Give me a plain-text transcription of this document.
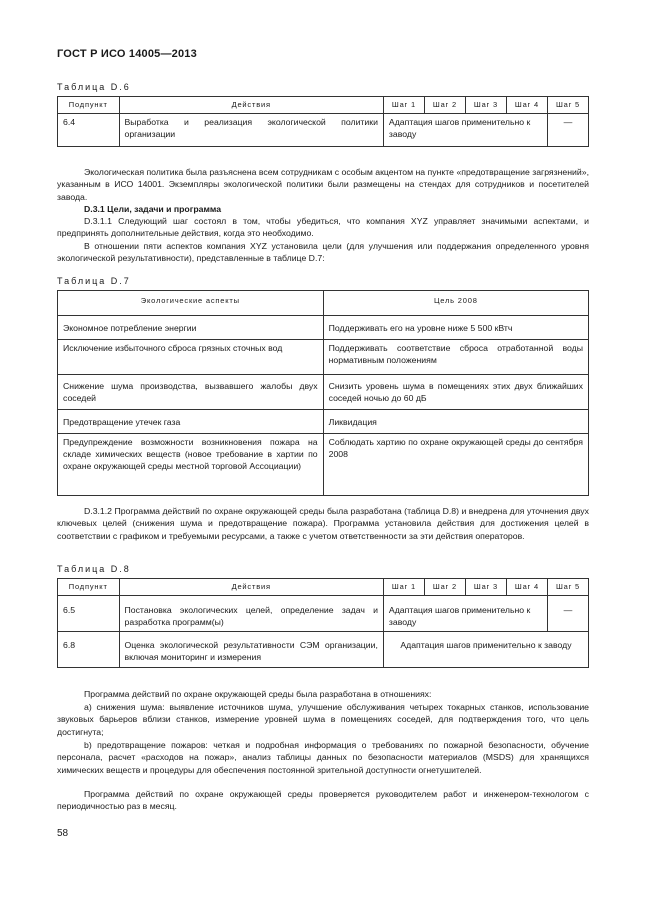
ГОСТ Р ИСО 14005—2013
Таблица D.6
Подпункт	Действия	Шаг 1	Шаг 2	Шаг 3	Шаг 4	Шаг 5
6.4	Выработка и реализация экологической политики организации	Адаптация шагов применительно к заводу				—
Экологическая политика была разъяснена всем сотрудникам с особым акцентом на пункте «предотвращение загрязнений», указанным в ИСО 14001. Экземпляры экологической политики были размещены на стендах для сотрудников и посетителей завода.
D.3.1 Цели, задачи и программа
D.3.1.1 Следующий шаг состоял в том, чтобы убедиться, что компания XYZ управляет значимыми аспектами, и предпринять дополнительные действия, когда это необходимо.
В отношении пяти аспектов компания XYZ установила цели (для улучшения или поддержания определенного уровня экологической результативности), представленные в таблице D.7:
Таблица D.7
Экологические аспекты	Цель 2008
Экономное потребление энергии	Поддерживать его на уровне ниже 5 500 кВтч
Исключение избыточного сброса грязных сточных вод	Поддерживать соответствие сброса отработанной воды нормативным положениям
Снижение шума производства, вызвавшего жалобы двух соседей	Снизить уровень шума в помещениях этих двух ближайших соседей ночью до 60 дБ
Предотвращение утечек газа	Ликвидация
Предупреждение возможности возникновения пожара на складе химических веществ (новое требование в хартии по охране окружающей среды местной торговой Ассоциации)	Соблюдать хартию по охране окружающей среды до сентября 2008
D.3.1.2 Программа действий по охране окружающей среды была разработана (таблица D.8) и внедрена для уточнения двух ключевых целей (снижения шума и предотвращение пожара). Программа установила действия для достижения целей в соответствии с графиком и требуемыми ресурсами, а также с учетом ответственности за эти действия операторов.
Таблица D.8
Подпункт	Действия	Шаг 1	Шаг 2	Шаг 3	Шаг 4	Шаг 5
6.5	Постановка экологических целей, определение задач и разработка программ(ы)	Адаптация шагов применительно к заводу				—
6.8	Оценка экологической результативности СЭМ организации, включая мониторинг и измерения	Адаптация шагов применительно к заводу				
Программа действий по охране окружающей среды была разработана в отношениях:
a) снижения шума: выявление источников шума, улучшение обслуживания четырех токарных станков, использование звуковых барьеров вблизи станков, измерение уровней шума в помещениях соседей, для подтверждения того, что цель достигнута;
b) предотвращение пожаров: четкая и подробная информация о требованиях по пожарной безопасности, обучение персонала, расчет «расходов на пожар», анализ таблицы данных по безопасности материалов (MSDS) для хранящихся химических веществ и процедуры для обеспечения постоянной зрительной доступности огнетушителей.
Программа действий по охране окружающей среды проверяется руководителем работ и инженером-технологом с периодичностью раз в месяц.
58
